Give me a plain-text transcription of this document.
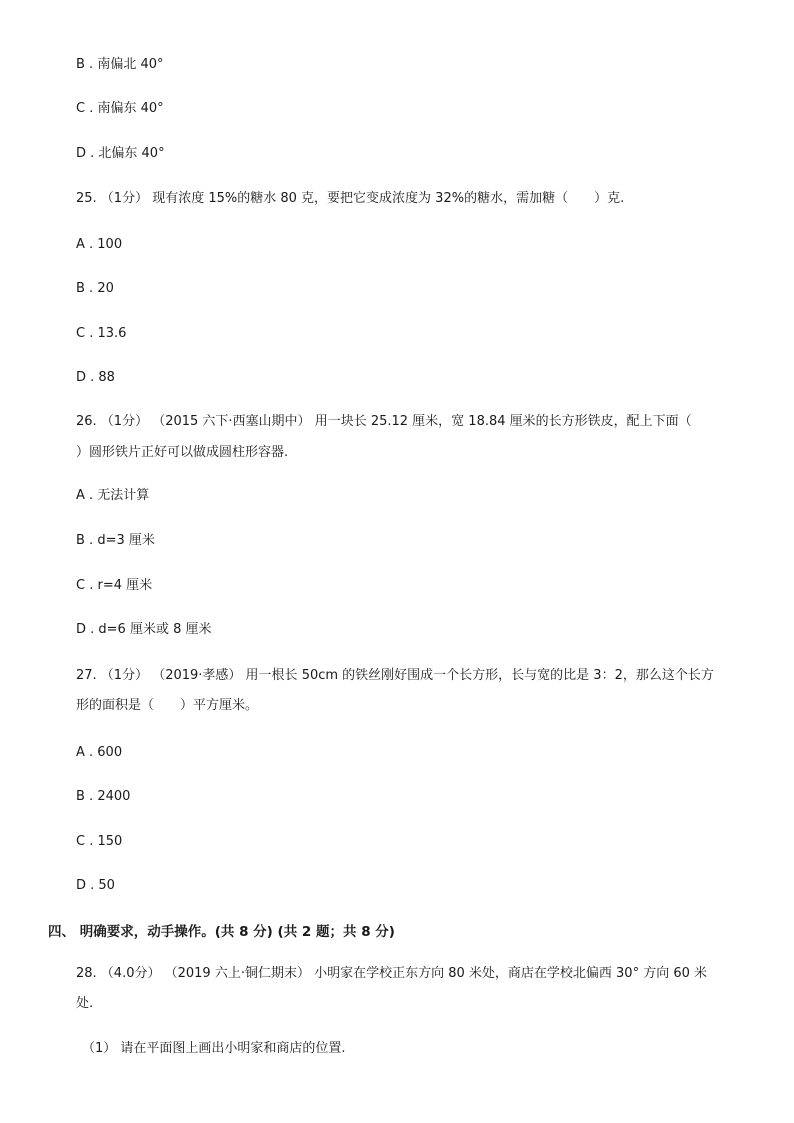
B . 南偏北 40°
C . 南偏东 40°
D . 北偏东 40°
25. （1分） 现有浓度 15%的糖水 80 克，要把它变成浓度为 32%的糖水，需加糖（　　）克.
A . 100
B . 20
C . 13.6
D . 88
26. （1分） （2015 六下·西塞山期中） 用一块长 25.12 厘米，宽 18.84 厘米的长方形铁皮，配上下面（
）圆形铁片正好可以做成圆柱形容器.
A . 无法计算
B . d=3 厘米
C . r=4 厘米
D . d=6 厘米或 8 厘米
27. （1分） （2019·孝感） 用一根长 50cm 的铁丝刚好围成一个长方形，长与宽的比是 3：2，那么这个长方
形的面积是（　　）平方厘米。
A . 600
B . 2400
C . 150
D . 50
四、 明确要求，动手操作。(共 8 分) (共 2 题；共 8 分)
28. （4.0分） （2019 六上·铜仁期末） 小明家在学校正东方向 80 米处，商店在学校北偏西 30° 方向 60 米
处.
（1） 请在平面图上画出小明家和商店的位置.
